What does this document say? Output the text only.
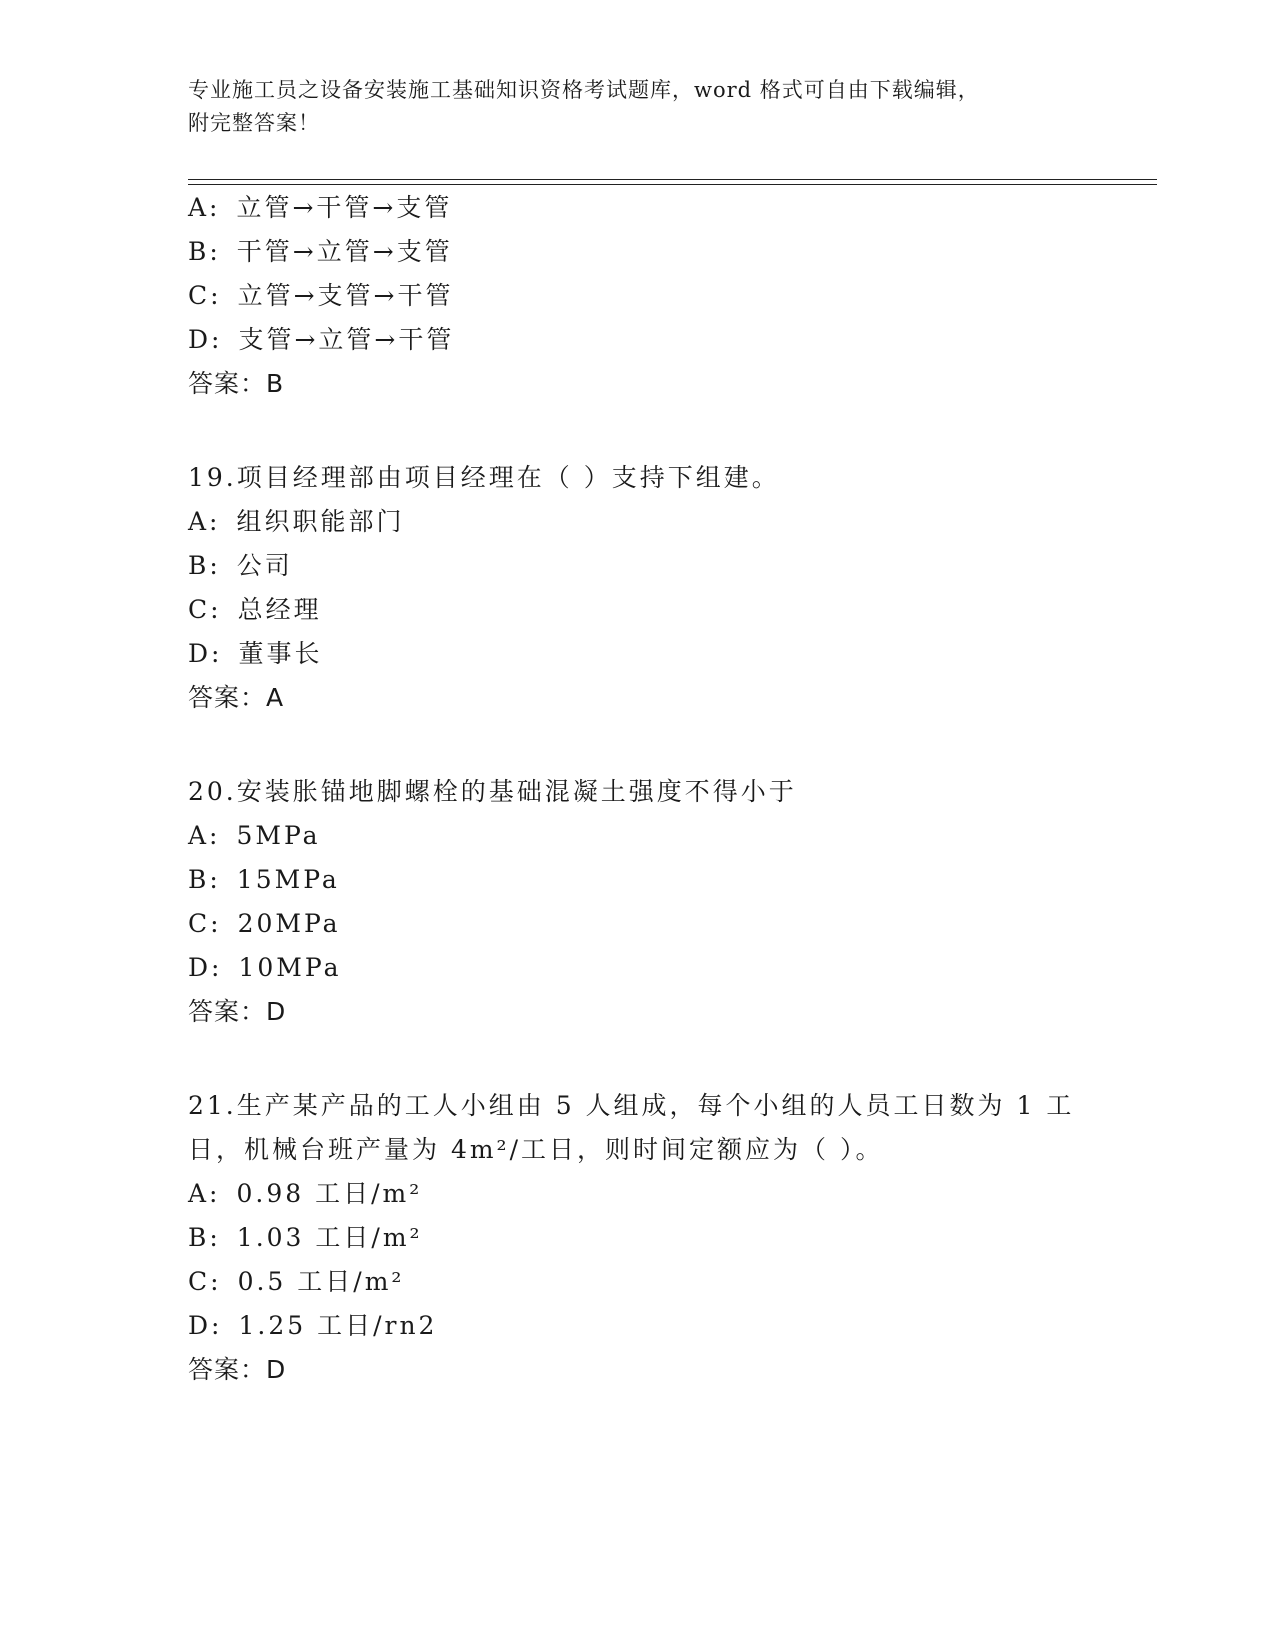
专业施工员之设备安装施工基础知识资格考试题库，word 格式可自由下载编辑，
附完整答案！
A: 立管→干管→支管
B: 干管→立管→支管
C: 立管→支管→干管
D: 支管→立管→干管
答案：B
19.项目经理部由项目经理在（ ）支持下组建。
A: 组织职能部门
B: 公司
C: 总经理
D: 董事长
答案：A
20.安装胀锚地脚螺栓的基础混凝土强度不得小于
A: 5MPa
B: 15MPa
C: 20MPa
D: 10MPa
答案：D
21.生产某产品的工人小组由 5 人组成，每个小组的人员工日数为 1 工
日，机械台班产量为 4m²/工日，则时间定额应为（ ）。
A: 0.98 工日/m²
B: 1.03 工日/m²
C: 0.5 工日/m²
D: 1.25 工日/rn2
答案：D
